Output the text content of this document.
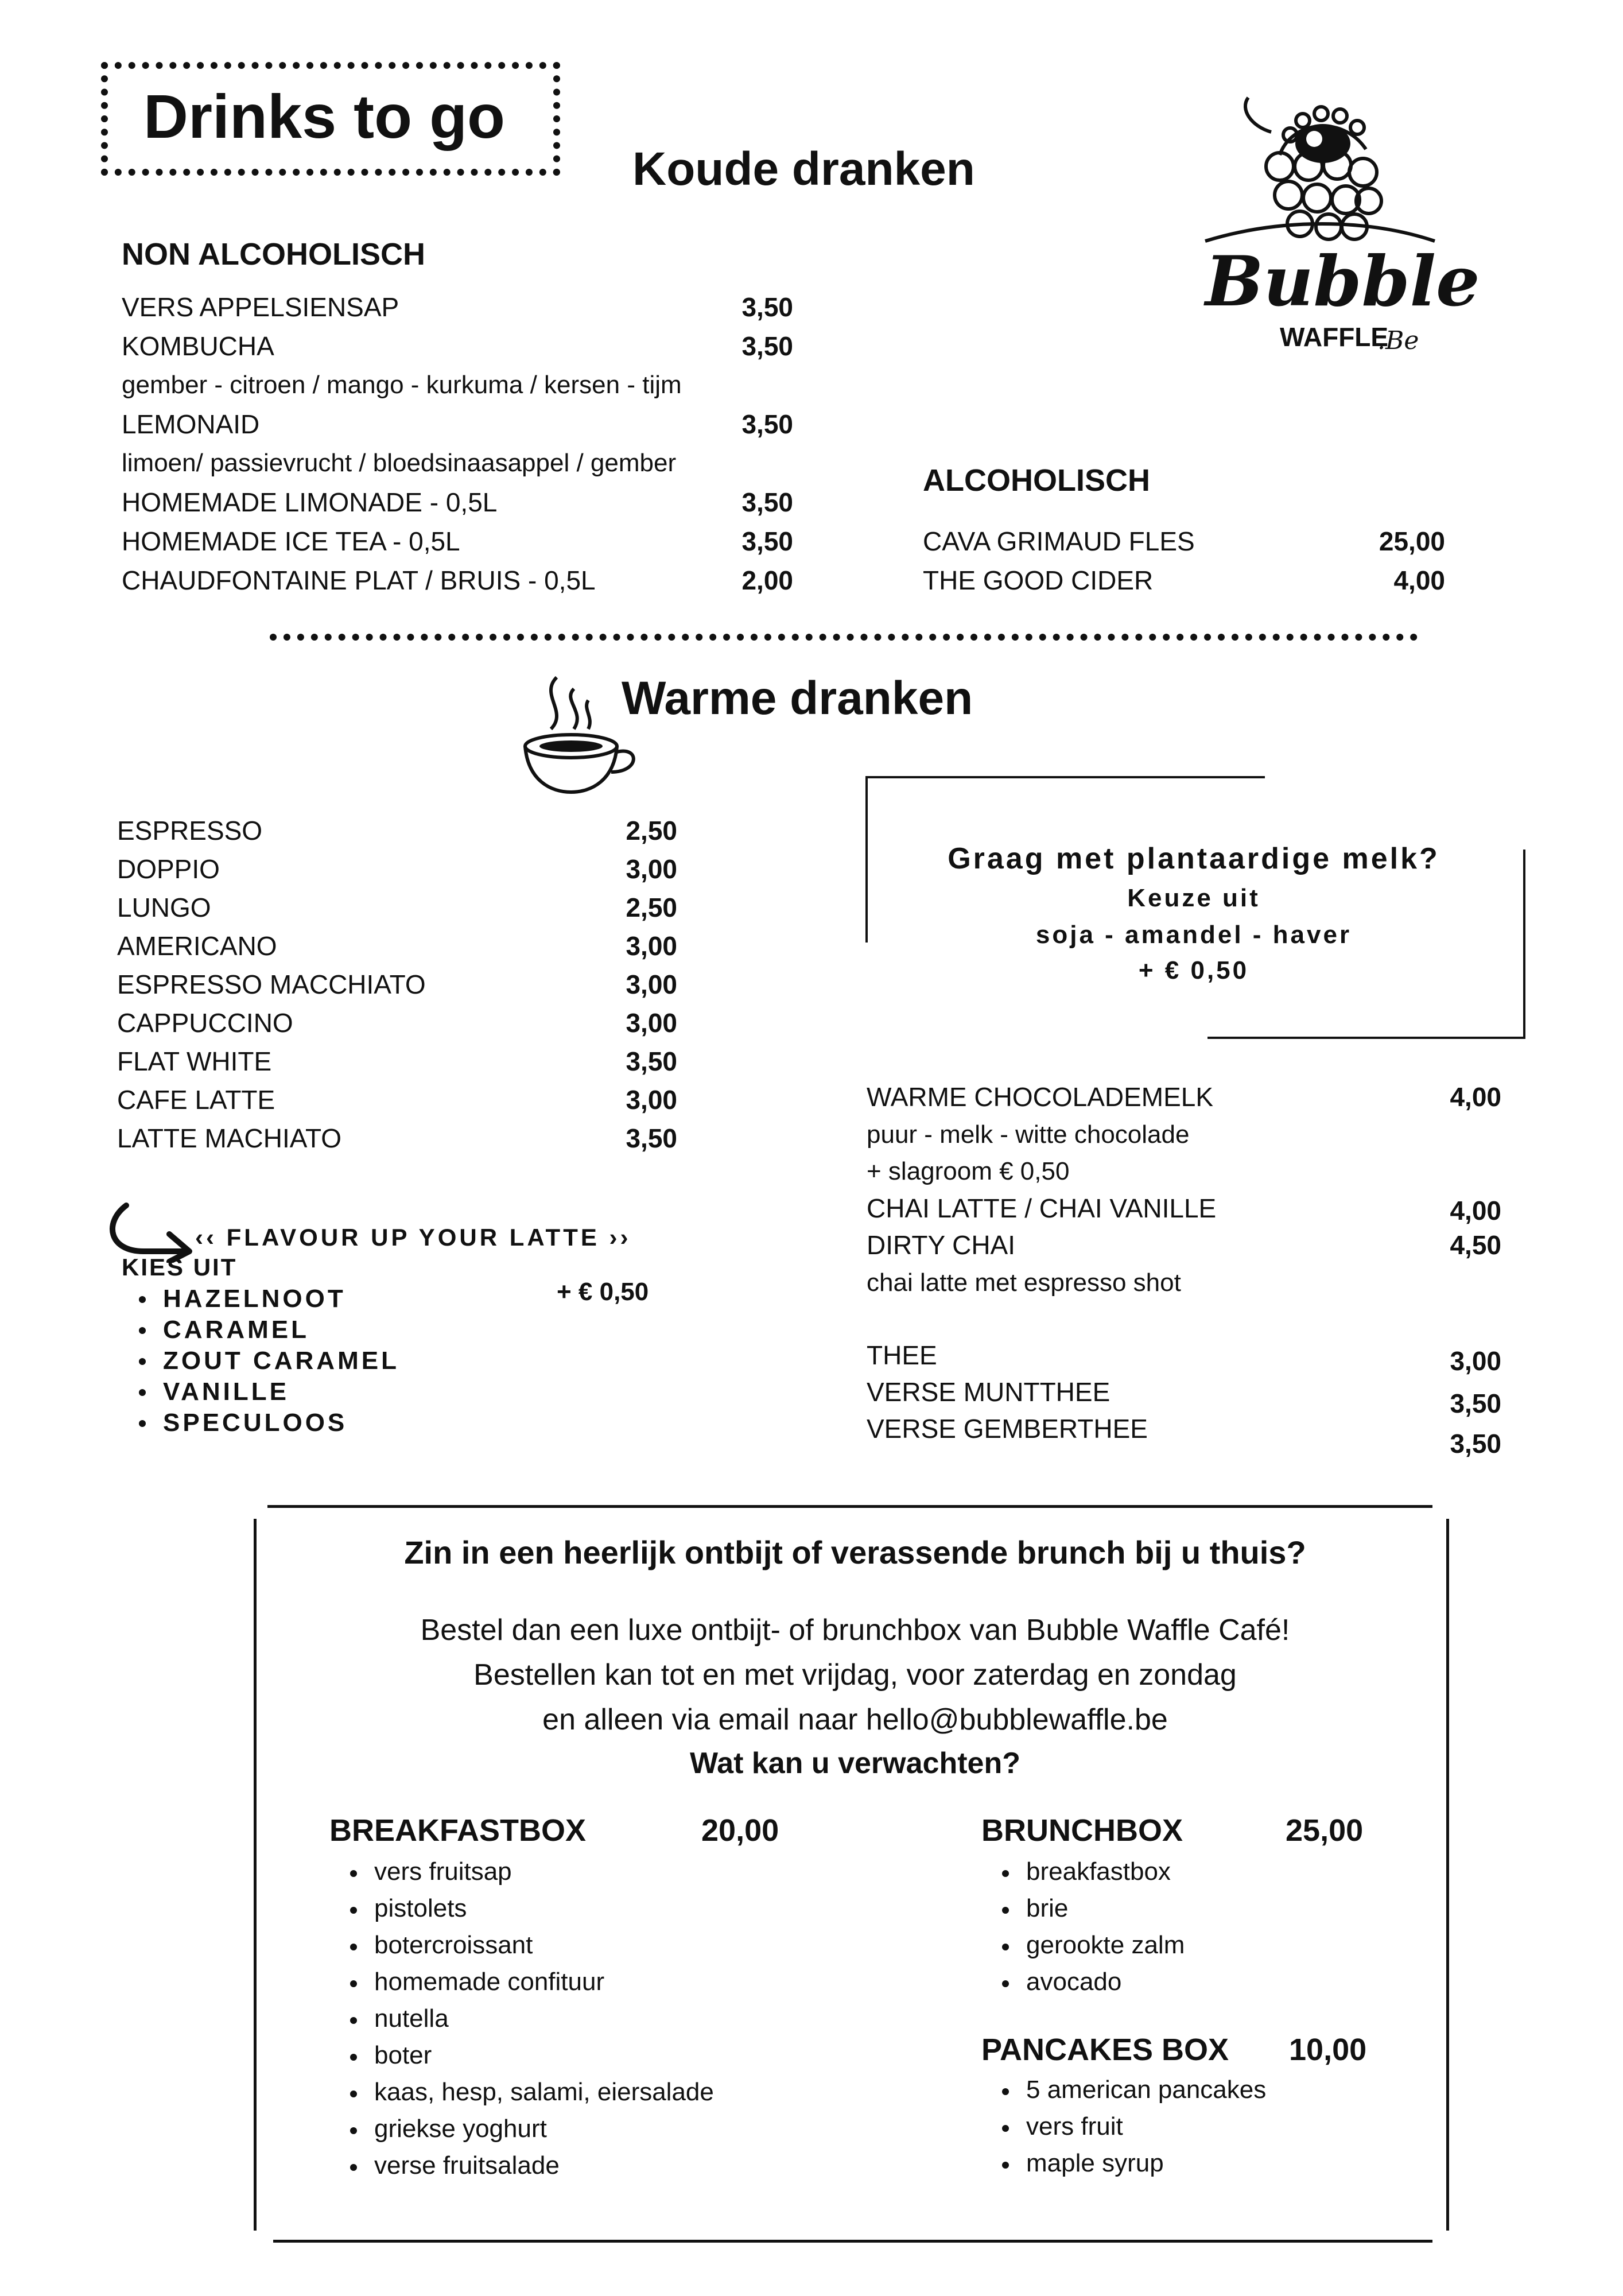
Drinks to go
Koude dranken
Bubble
WAFFLE
.Be
NON ALCOHOLISCH
VERS APPELSIENSAP	3,50
KOMBUCHA	3,50
gember - citroen / mango - kurkuma / kersen - tijm
LEMONAID	3,50
limoen/ passievrucht / bloedsinaasappel / gember
HOMEMADE LIMONADE - 0,5L	3,50
HOMEMADE ICE TEA - 0,5L	3,50
CHAUDFONTAINE PLAT / BRUIS - 0,5L	2,00
ALCOHOLISCH
CAVA GRIMAUD FLES	25,00
THE GOOD CIDER	4,00
Warme dranken
ESPRESSO	2,50
DOPPIO	3,00
LUNGO	2,50
AMERICANO	3,00
ESPRESSO MACCHIATO	3,00
CAPPUCCINO	3,00
FLAT WHITE	3,50
CAFE LATTE	3,00
LATTE MACHIATO	3,50
‹‹ FLAVOUR UP YOUR LATTE ››
KIES UIT
+ € 0,50
HAZELNOOT
CARAMEL
ZOUT CARAMEL
VANILLE
SPECULOOS
Graag met plantaardige melk?
Keuze uit
soja - amandel - haver
+ € 0,50
WARME CHOCOLADEMELK	4,00
puur - melk - witte chocolade
+ slagroom € 0,50
CHAI LATTE / CHAI VANILLE	4,00
DIRTY CHAI	4,50
chai latte met espresso shot
THEE	3,00
VERSE MUNTTHEE	3,50
VERSE GEMBERTHEE	3,50
Zin in een heerlijk ontbijt of verassende brunch bij u thuis?
Bestel dan een luxe ontbijt- of brunchbox van Bubble Waffle Café!
Bestellen kan tot en met vrijdag, voor zaterdag en zondag
en alleen via email naar hello@bubblewaffle.be
Wat kan u verwachten?
BREAKFASTBOX	20,00
vers fruitsap
pistolets
botercroissant
homemade confituur
nutella
boter
kaas, hesp, salami, eiersalade
griekse yoghurt
verse fruitsalade
BRUNCHBOX	25,00
breakfastbox
brie
gerookte zalm
avocado
PANCAKES BOX 10,00
5 american pancakes
vers fruit
maple syrup
